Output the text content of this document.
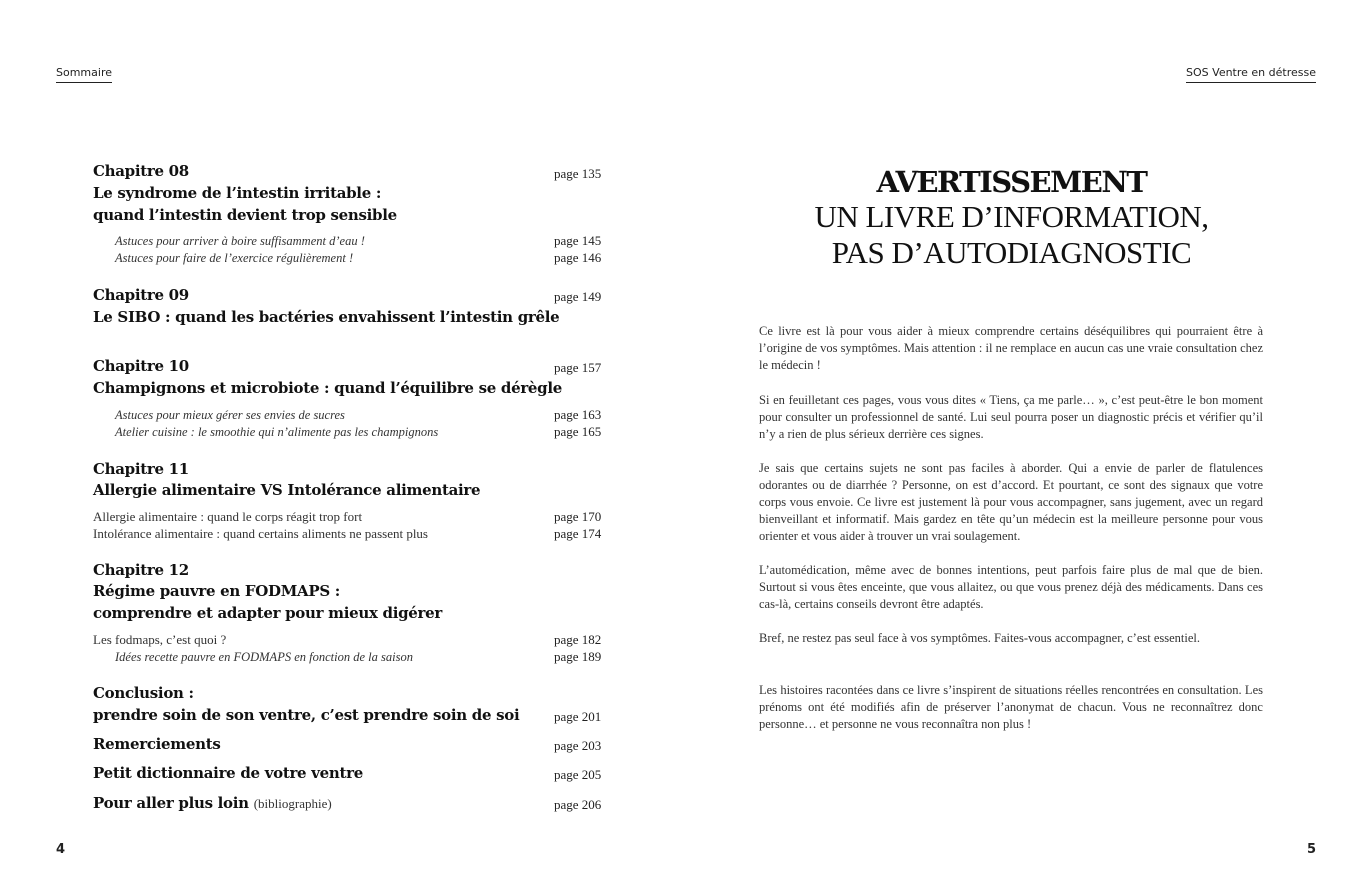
Sommaire	SOS Ventre en détresse
Chapitre 08	page 135
Le syndrome de l’intestin irritable :
quand l’intestin devient trop sensible
Astuces pour arriver à boire suffisamment d’eau !	page 145
Astuces pour faire de l’exercice régulièrement !	page 146
Chapitre 09	page 149
Le SIBO : quand les bactéries envahissent l’intestin grêle
Chapitre 10	page 157
Champignons et microbiote : quand l’équilibre se dérègle
Astuces pour mieux gérer ses envies de sucres	page 163
Atelier cuisine : le smoothie qui n’alimente pas les champignons	page 165
Chapitre 11
Allergie alimentaire VS Intolérance alimentaire
Allergie alimentaire : quand le corps réagit trop fort	page 170
Intolérance alimentaire : quand certains aliments ne passent plus	page 174
Chapitre 12
Régime pauvre en FODMAPS :
comprendre et adapter pour mieux digérer
Les fodmaps, c’est quoi ?	page 182
Idées recette pauvre en FODMAPS en fonction de la saison	page 189
Conclusion :
prendre soin de son ventre, c’est prendre soin de soi	page 201
Remerciements	page 203
Petit dictionnaire de votre ventre	page 205
Pour aller plus loin (bibliographie)	page 206
AVERTISSEMENT
UN LIVRE D’INFORMATION,
PAS D’AUTODIAGNOSTIC

Ce livre est là pour vous aider à mieux comprendre certains déséquilibres qui pourraient être à l’origine de vos symptômes. Mais attention : il ne remplace en aucun cas une vraie consultation chez le médecin !

Si en feuilletant ces pages, vous vous dites « Tiens, ça me parle… », c’est peut-être le bon moment pour consulter un professionnel de santé. Lui seul pourra poser un diagnostic précis et vérifier qu’il n’y a rien de plus sérieux derrière ces signes.

Je sais que certains sujets ne sont pas faciles à aborder. Qui a envie de parler de flatulences odorantes ou de diarrhée ? Personne, on est d’accord. Et pourtant, ce sont des signaux que votre corps vous envoie. Ce livre est justement là pour vous accompagner, sans jugement, avec un regard bienveillant et informatif. Mais gardez en tête qu’un médecin est la meilleure personne pour vous orienter et vous aider à trouver un vrai soulagement.

L’automédication, même avec de bonnes intentions, peut parfois faire plus de mal que de bien. Surtout si vous êtes enceinte, que vous allaitez, ou que vous prenez déjà des médicaments. Dans ces cas-là, certains conseils devront être adaptés.

Bref, ne restez pas seul face à vos symptômes. Faites-vous accompagner, c’est essentiel.

Les histoires racontées dans ce livre s’inspirent de situations réelles rencontrées en consultation. Les prénoms ont été modifiés afin de préserver l’anonymat de chacun. Vous ne reconnaîtrez donc personne… et personne ne vous reconnaîtra non plus !

4	5
